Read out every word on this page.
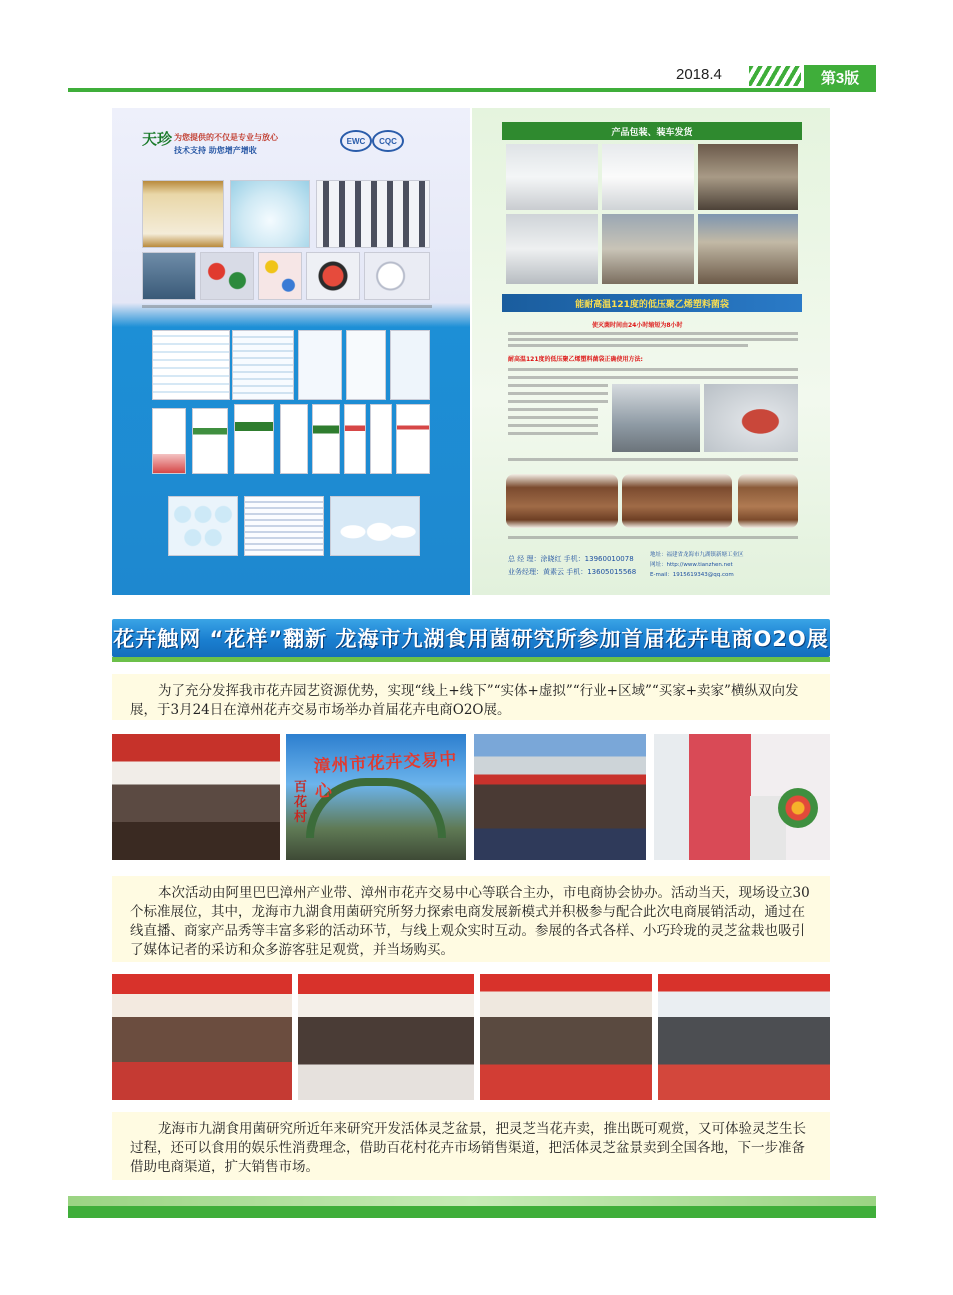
2018.4	第3版
天珍 为您提供的不仅是专业与放心
技术支持 助您增产增收
EWC	CQC
产品包装、装车发货
能耐高温121度的低压聚乙烯塑料菌袋
使灭菌时间由24小时缩短为8小时
耐高温121度的低压聚乙烯塑料菌袋正确使用方法:
总 经 理：涂晓红 手机：13960010078
业务经理：黄素云 手机：13605015568
地址：福建省龙海市九湖镇新塘工业区
网址：http://www.tianzhen.net
E-mail：1915619343@qq.com
花卉触网 “花样”翻新 龙海市九湖食用菌研究所参加首届花卉电商O2O展
为了充分发挥我市花卉园艺资源优势，实现“线上+线下”“实体+虚拟”“行业+区域”“买家+卖家”横纵双向发展，于3月24日在漳州花卉交易市场举办首届花卉电商O2O展。
漳州市花卉交易中心
百花村
本次活动由阿里巴巴漳州产业带、漳州市花卉交易中心等联合主办，市电商协会协办。活动当天，现场设立30个标准展位，其中，龙海市九湖食用菌研究所努力探索电商发展新模式并积极参与配合此次电商展销活动，通过在线直播、商家产品秀等丰富多彩的活动环节，与线上观众实时互动。参展的各式各样、小巧玲珑的灵芝盆栽也吸引了媒体记者的采访和众多游客驻足观赏，并当场购买。
龙海市九湖食用菌研究所近年来研究开发活体灵芝盆景，把灵芝当花卉卖，推出既可观赏，又可体验灵芝生长过程，还可以食用的娱乐性消费理念，借助百花村花卉市场销售渠道，把活体灵芝盆景卖到全国各地，下一步准备借助电商渠道，扩大销售市场。
